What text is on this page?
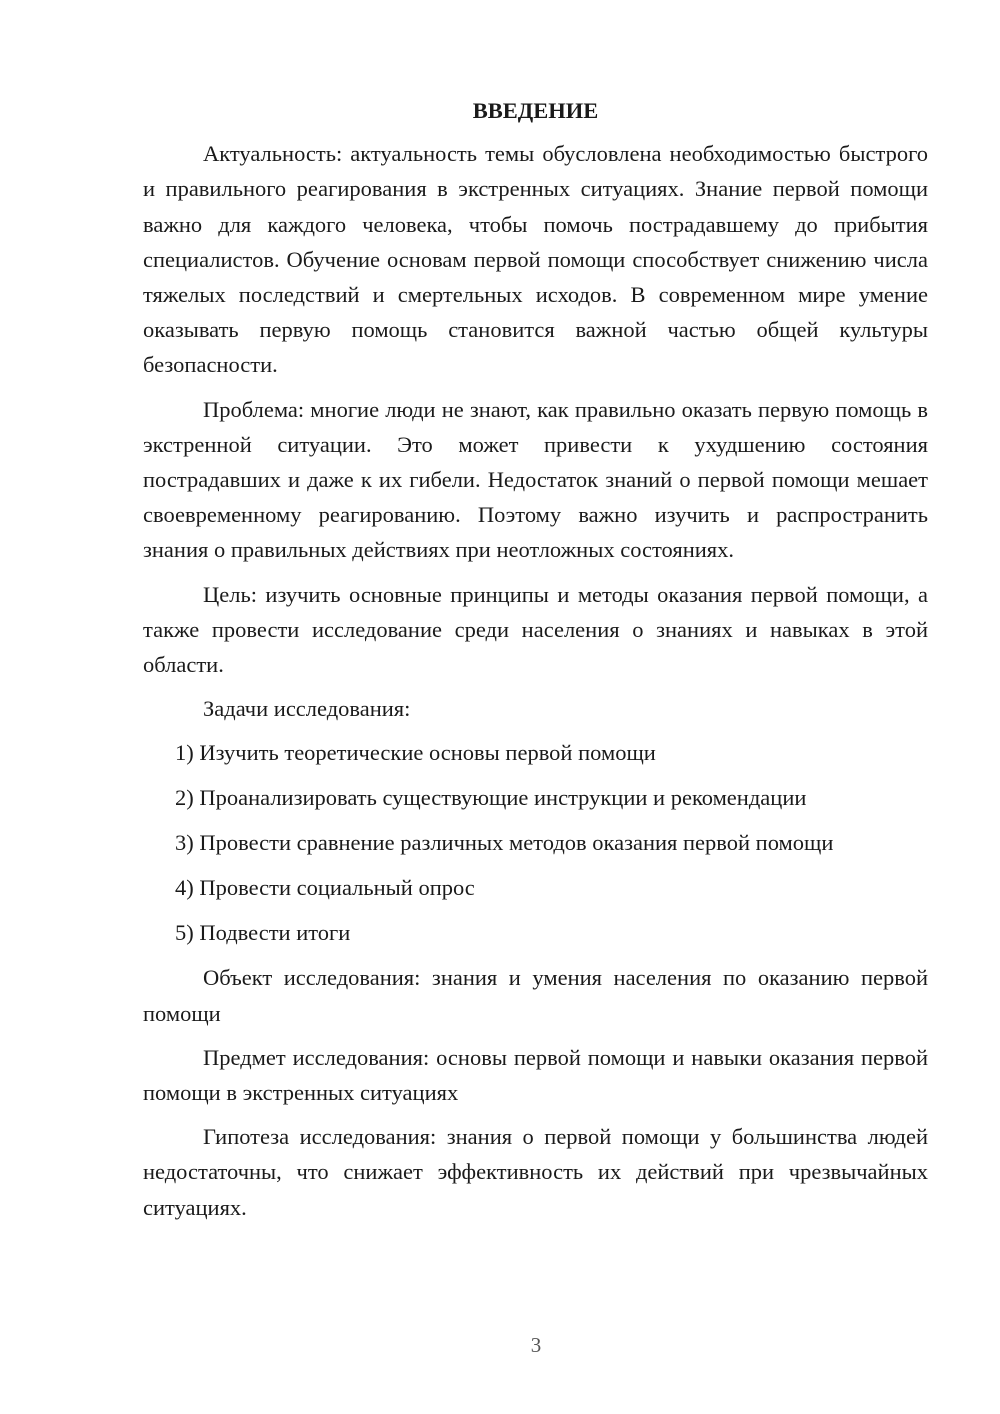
ВВЕДЕНИЕ

Актуальность: актуальность темы обусловлена необходимостью быстрого и правильного реагирования в экстренных ситуациях. Знание первой помощи важно для каждого человека, чтобы помочь пострадавшему до прибытия специалистов. Обучение основам первой помощи способствует снижению числа тяжелых последствий и смертельных исходов. В современном мире умение оказывать первую помощь становится важной частью общей культуры безопасности.

Проблема: многие люди не знают, как правильно оказать первую помощь в экстренной ситуации. Это может привести к ухудшению состояния пострадавших и даже к их гибели. Недостаток знаний о первой помощи мешает своевременному реагированию. Поэтому важно изучить и распространить знания о правильных действиях при неотложных состояниях.

Цель: изучить основные принципы и методы оказания первой помощи, а также провести исследование среди населения о знаниях и навыках в этой области.

Задачи исследования:

1) Изучить теоретические основы первой помощи
2) Проанализировать существующие инструкции и рекомендации
3) Провести сравнение различных методов оказания первой помощи
4) Провести социальный опрос
5) Подвести итоги

Объект исследования: знания и умения населения по оказанию первой помощи

Предмет исследования: основы первой помощи и навыки оказания первой помощи в экстренных ситуациях

Гипотеза исследования: знания о первой помощи у большинства людей недостаточны, что снижает эффективность их действий при чрезвычайных ситуациях.

3
